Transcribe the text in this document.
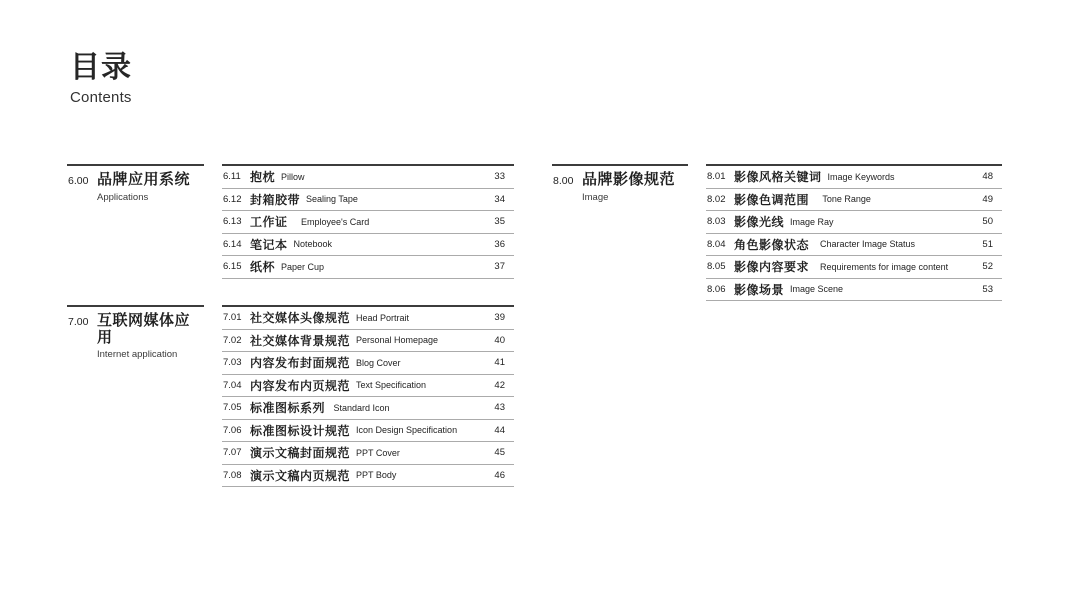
目录
Contents
6.00 品牌应用系统
Applications
7.00 互联网媒体应用
Internet application
8.00 品牌影像规范
Image
6.11 抱枕 Pillow	33
6.12 封箱胶带 Sealing Tape	34
6.13 工作证 Employee's Card	35
6.14 笔记本 Notebook	36
6.15 纸杯 Paper Cup	37
7.01 社交媒体头像规范 Head Portrait	39
7.02 社交媒体背景规范 Personal Homepage	40
7.03 内容发布封面规范 Blog Cover	41
7.04 内容发布内页规范 Text Specification	42
7.05 标准图标系列 Standard Icon	43
7.06 标准图标设计规范 Icon Design Specification	44
7.07 演示文稿封面规范 PPT Cover	45
7.08 演示文稿内页规范 PPT Body	46
8.01 影像风格关键词 Image Keywords	48
8.02 影像色调范围 Tone Range	49
8.03 影像光线 Image Ray	50
8.04 角色影像状态 Character Image Status	51
8.05 影像内容要求 Requirements for image content	52
8.06 影像场景 Image Scene	53
